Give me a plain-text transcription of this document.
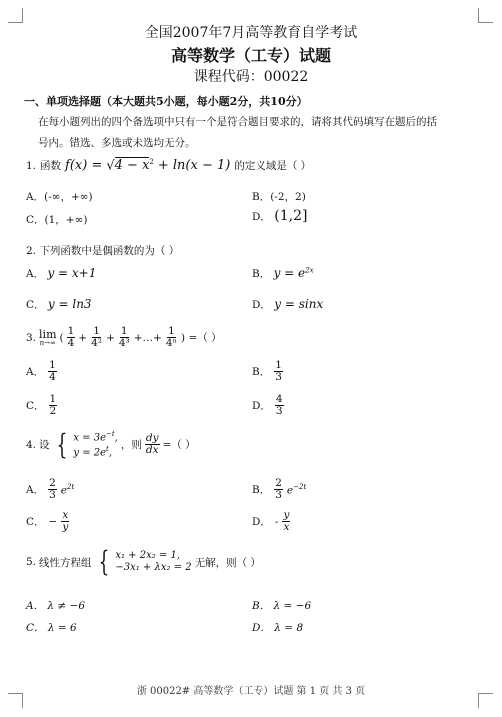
全国2007年7月高等教育自学考试
高等数学（工专）试题
课程代码：00022
一、单项选择题（本大题共5小题，每小题2分，共10分）
在每小题列出的四个备选项中只有一个是符合题目要求的，请将其代码填写在题后的括
号内。错选、多选或未选均无分。
1. 函数 $f(x) = √4 - x^2 + \ln(x - 1)$ 的定义域是（ ）
A．(-∞，+∞)	B．(-2，2)
C．(1，+∞)	D． (1,2]
2. 下列函数中是偶函数的为（ ）
A． y = x+1	B． $y = e^{2x}$
C． y = ln3	D． y = sinx
3. lim
n→∞ ( $\frac{1}{4} + \frac{1}{\text{4²}} + \frac{1}{\text{4³}}$ +…+ $\frac{1}{\text{4ⁿ}}$ ) =（ ）
A． $\frac{1}{4}$	B． $\frac{1}{3}$
C． $\frac{1}{2}$	D． $\frac{4}{3}$
4. 设 { $x = 3e^{-t}$,
$y = 2e^t$,
，则 $\frac{dy}{dx}$ =（ ）
A． $\frac{2}{3} e^{2t}$	B． $\frac{2}{3} e^{-2t}$
C． − $\frac{x}{y}$	D． - $\frac{y}{x}$
5. 线性方程组 { x₁ + 2x₂ = 1,
−3x₁ + λx₂ = 2 无解，则（ ）
A． λ ≠ −6	B． λ = −6
C． λ = 6	D． λ = 8
浙 00022# 高等数学（工专）试题 第 1 页 共 3 页
